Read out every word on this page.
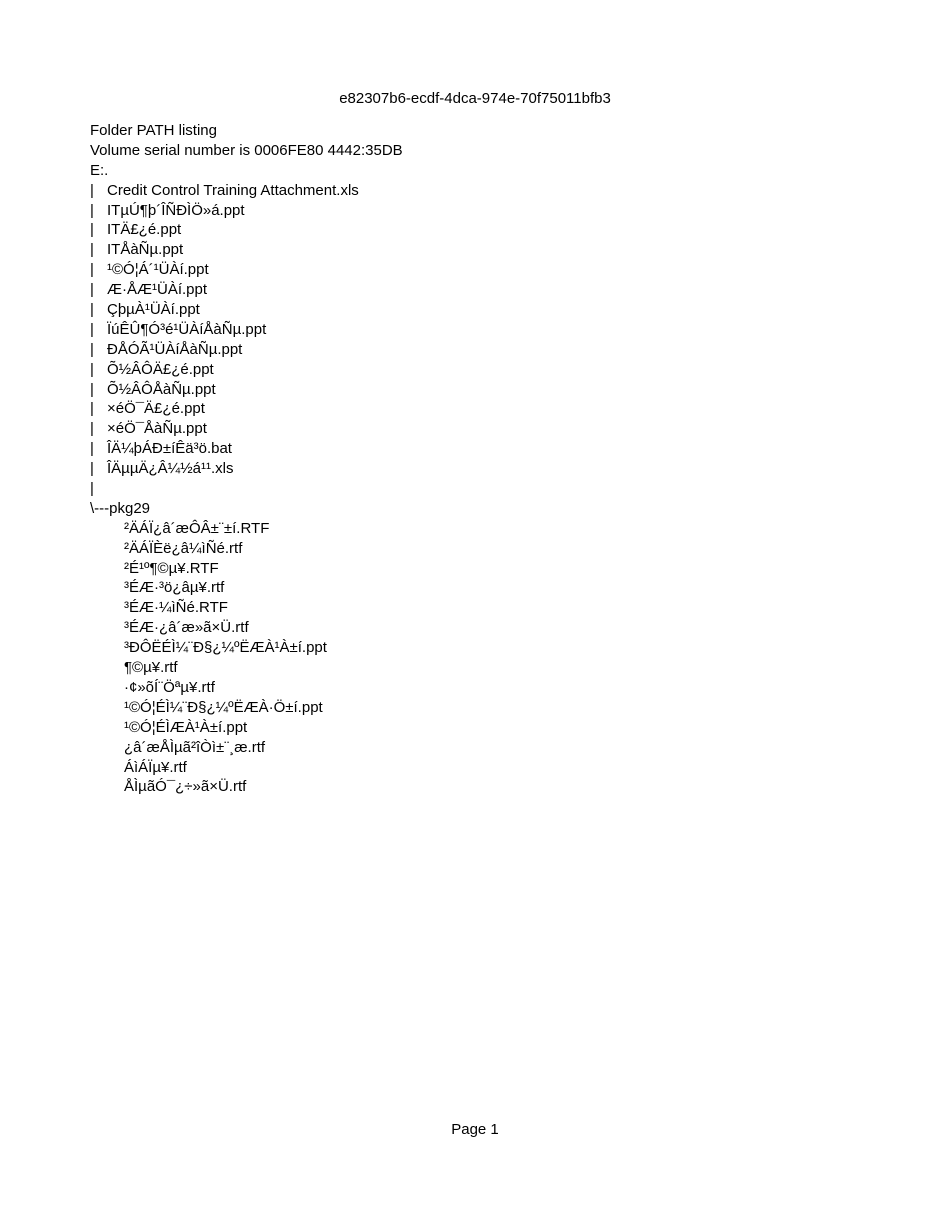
e82307b6-ecdf-4dca-974e-70f75011bfb3
Folder PATH listing
Volume serial number is 0006FE80 4442:35DB
E:.
| Credit Control Training Attachment.xls
| ITµÚ¶þ´ÎÑÐÌÖ»á.ppt
| ITÄ£¿é.ppt
| ITÅàÑµ.ppt
| ¹©Ó¦Á´¹ÜÀí.ppt
| Æ·ÅÆ¹ÜÀí.ppt
| ÇþµÀ¹ÜÀí.ppt
| ÏúÊÛ¶Ó³é¹ÜÀíÅàÑµ.ppt
| ÐÅÓÃ¹ÜÀíÅàÑµ.ppt
| Õ½ÂÔÄ£¿é.ppt
| Õ½ÂÔÅàÑµ.ppt
| ×éÖ¯Ä£¿é.ppt
| ×éÖ¯ÅàÑµ.ppt
| ÎÄ¼þÁÐ±íÊä³ö.bat
| ÎÄµµÄ¿Â¼½á¹¹.xls
|
\---pkg29
²ÄÁÏ¿â´æÔÂ±¨±í.RTF
²ÄÁÏÈë¿â¼ìÑé.rtf
²É¹º¶©µ¥.RTF
³ÉÆ·³ö¿âµ¥.rtf
³ÉÆ·¼ìÑé.RTF
³ÉÆ·¿â´æ»ã×Ü.rtf
³ÐÔËÉÌ¼¨Ð§¿¼ºËÆÀ¹À±í.ppt
¶©µ¥.rtf
·¢»õÍ¨Öªµ¥.rtf
¹©Ó¦ÉÌ¼¨Ð§¿¼ºËÆÀ·Ö±í.ppt
¹©Ó¦ÉÌÆÀ¹À±í.ppt
¿â´æÅÌµã²îÒì±¨¸æ.rtf
ÁìÁÏµ¥.rtf
ÅÌµãÓ¯¿÷»ã×Ü.rtf
Page 1
